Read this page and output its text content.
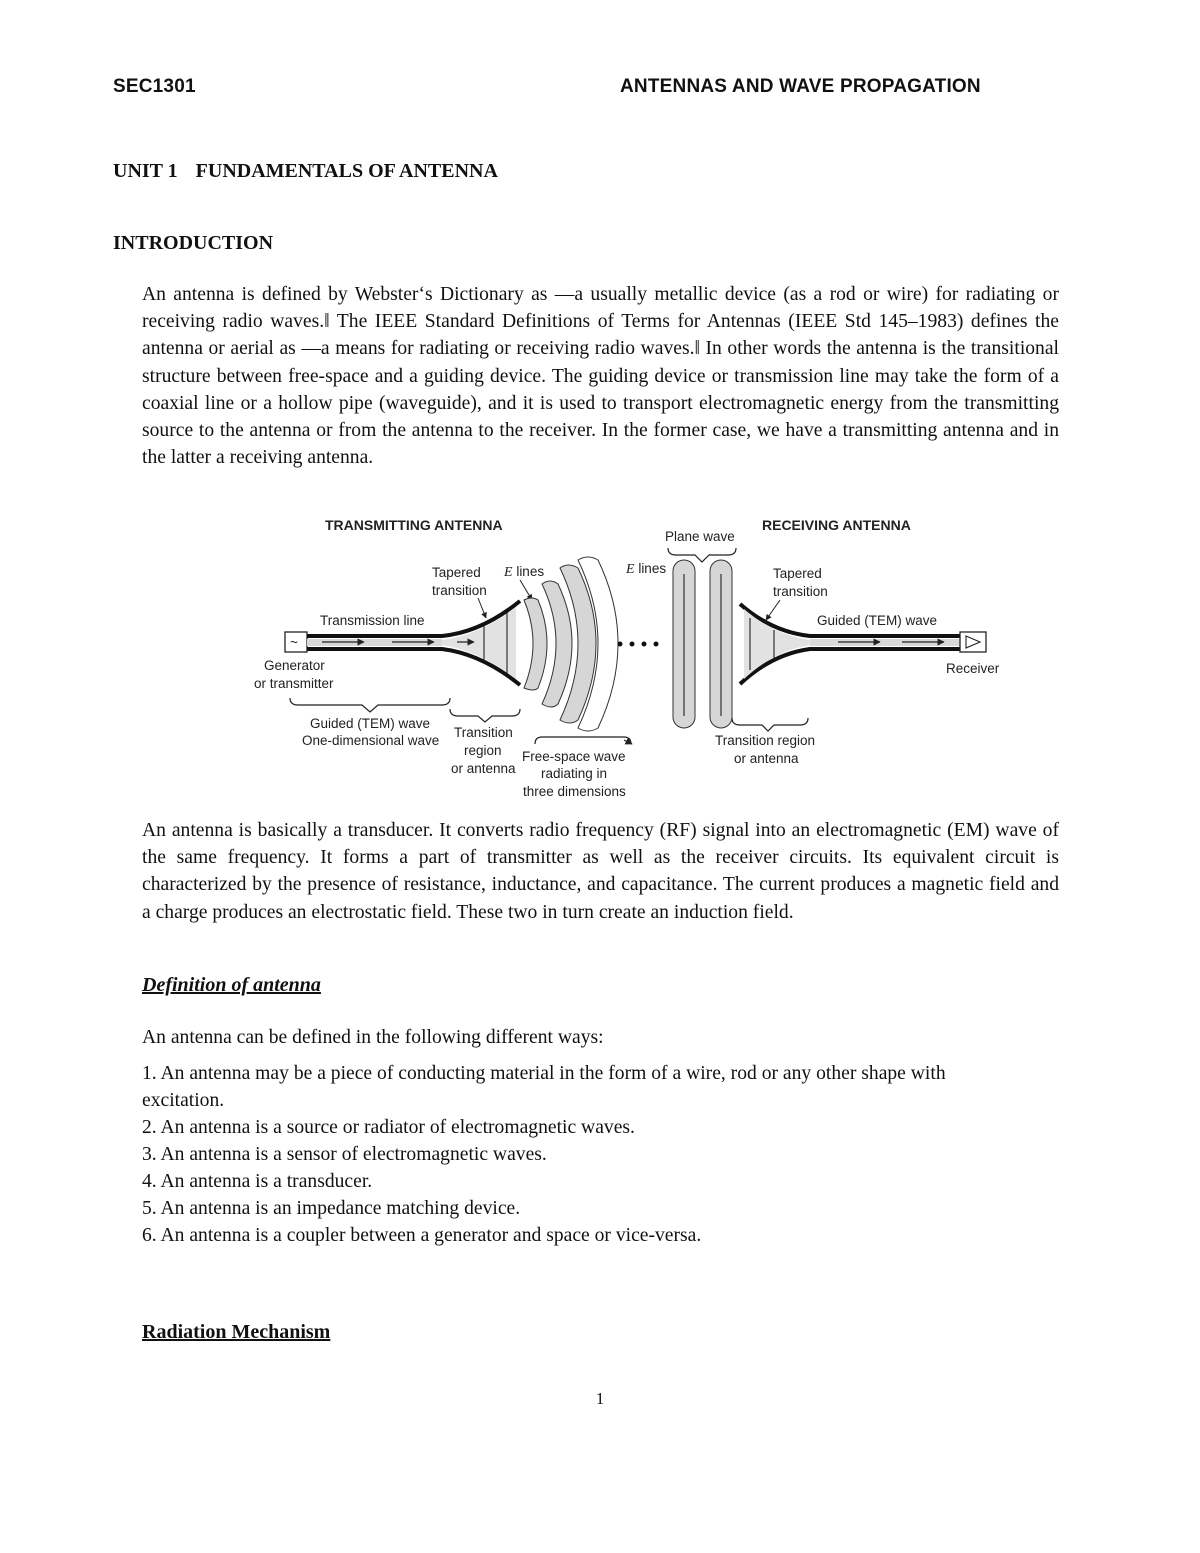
SEC1301	ANTENNAS AND WAVE PROPAGATION
UNIT 1 FUNDAMENTALS OF ANTENNA
INTRODUCTION

An antenna is defined by Webster‘s Dictionary as ―a usually metallic device (as a rod or wire) for radiating or receiving radio waves.‖ The IEEE Standard Definitions of Terms for Antennas (IEEE Std 145–1983) defines the antenna or aerial as ―a means for radiating or receiving radio waves.‖ In other words the antenna is the transitional structure between free-space and a guiding device. The guiding device or transmission line may take the form of a coaxial line or a hollow pipe (waveguide), and it is used to transport electromagnetic energy from the transmitting source to the antenna or from the antenna to the receiver. In the former case, we have a transmitting antenna and in the latter a receiving antenna.

TRANSMITTING ANTENNA	RECEIVING ANTENNA
Plane wave
~
Generator
or transmitter
Transmission line
Tapered
transition
E lines	E lines
Receiver
Tapered
transition
Guided (TEM) wave
Guided (TEM) wave
One-dimensional wave
Transition
region
or antenna
Free-space wave
radiating in
three dimensions
Transition region
or antenna

An antenna is basically a transducer. It converts radio frequency (RF) signal into an electromagnetic (EM) wave of the same frequency. It forms a part of transmitter as well as the receiver circuits. Its equivalent circuit is characterized by the presence of resistance, inductance, and capacitance. The current produces a magnetic field and a charge produces an electrostatic field. These two in turn create an induction field.

Definition of antenna
An antenna can be defined in the following different ways:
1. An antenna may be a piece of conducting material in the form of a wire, rod or any other shape with excitation.
2. An antenna is a source or radiator of electromagnetic waves.
3. An antenna is a sensor of electromagnetic waves.
4. An antenna is a transducer.
5. An antenna is an impedance matching device.
6. An antenna is a coupler between a generator and space or vice-versa.
Radiation Mechanism
1
